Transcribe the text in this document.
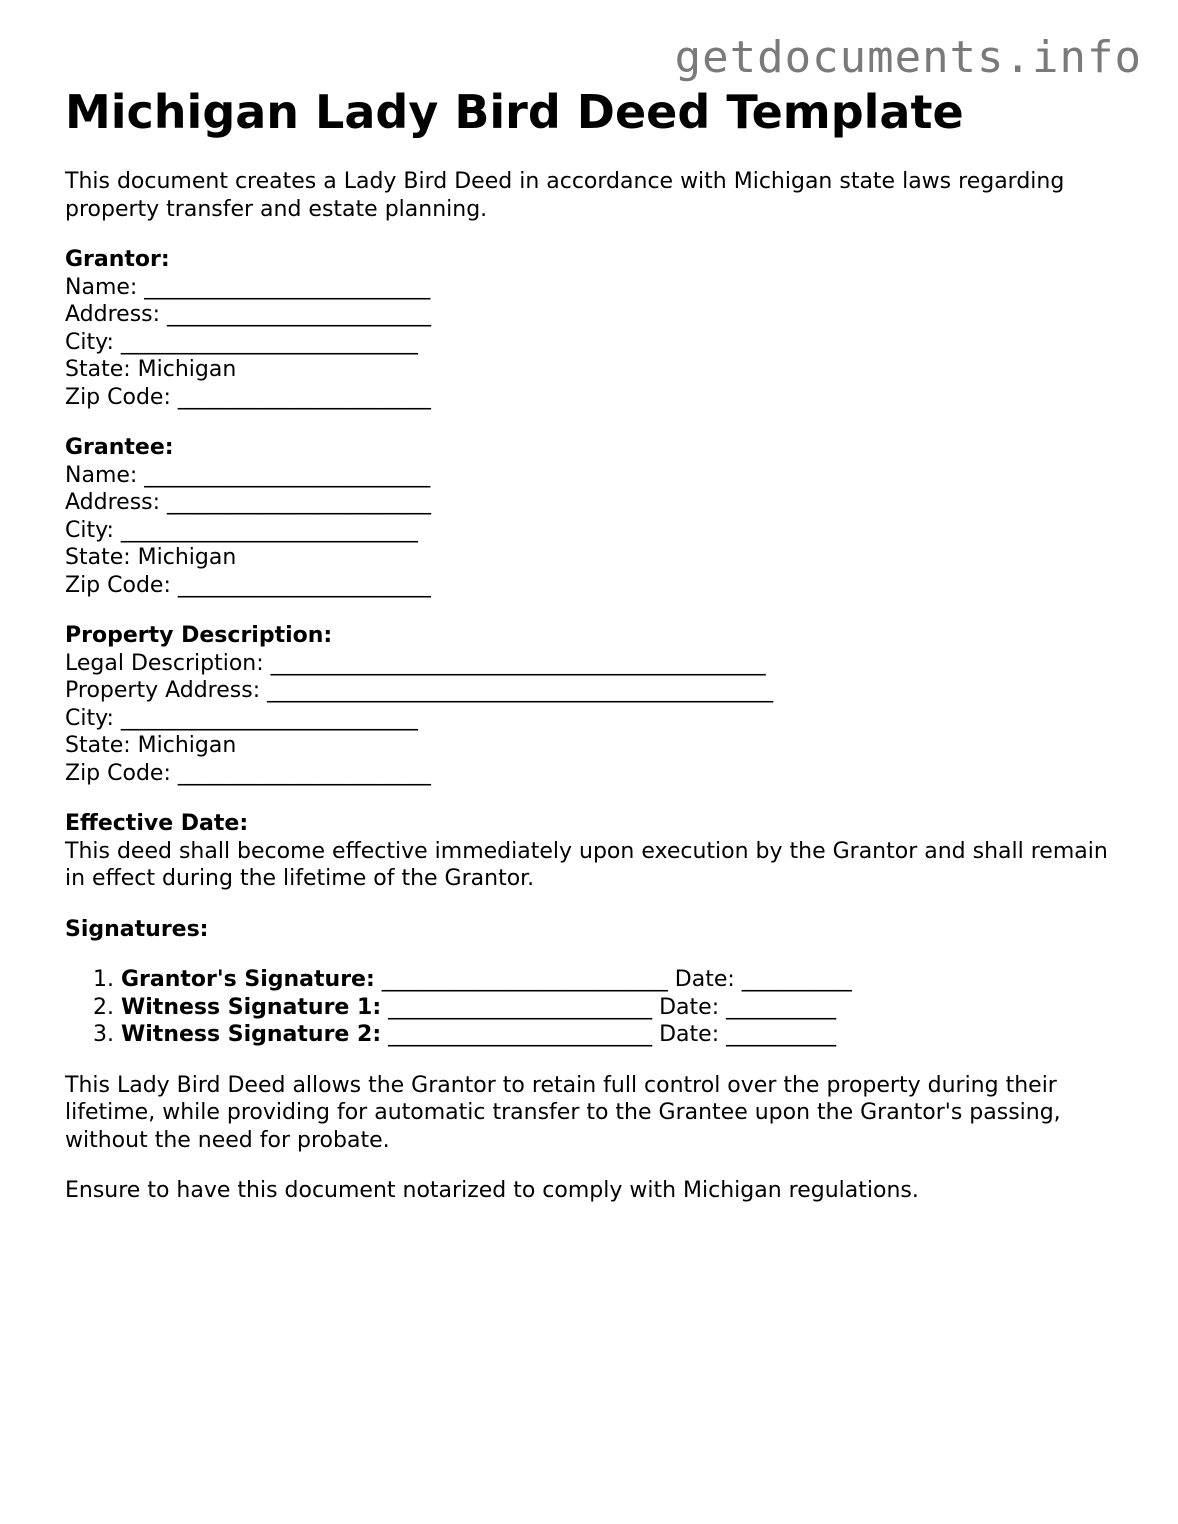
getdocuments.info
Michigan Lady Bird Deed Template

This document creates a Lady Bird Deed in accordance with Michigan state laws regarding property transfer and estate planning.

Grantor:
Name: __________________________
Address: ________________________
City: ___________________________
State: Michigan
Zip Code: _______________________
Grantee:
Name: __________________________
Address: ________________________
City: ___________________________
State: Michigan
Zip Code: _______________________
Property Description:
Legal Description: _____________________________________________
Property Address: ______________________________________________
City: ___________________________
State: Michigan
Zip Code: _______________________
Effective Date:

This deed shall become effective immediately upon execution by the Grantor and shall remain in effect during the lifetime of the Grantor.

Signatures:
1. Grantor's Signature: __________________________ Date: __________
2. Witness Signature 1: ________________________ Date: __________
3. Witness Signature 2: ________________________ Date: __________

This Lady Bird Deed allows the Grantor to retain full control over the property during their lifetime, while providing for automatic transfer to the Grantee upon the Grantor's passing, without the need for probate.

Ensure to have this document notarized to comply with Michigan regulations.
